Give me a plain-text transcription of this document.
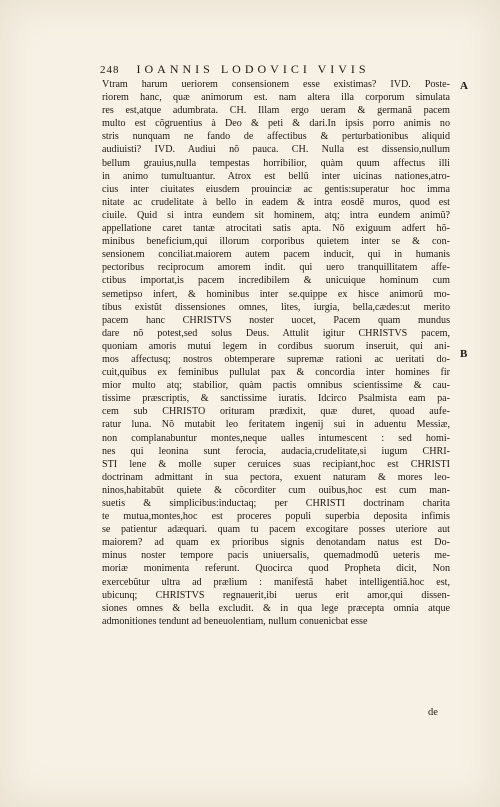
248 IOANNIS LODOVICI VIVIS
A
B
Vtram harum ueriorem consensionem esse existimas? IVD. Poste-
riorem hanc, quæ animorum est. nam altera illa corporum simulata
res est,atque adumbrata. CH. Illam ergo ueram & germanã pacem
multo est cõgruentius à Deo & peti & dari.In ipsis porro animis no
stris nunquam ne fando de affectibus & perturbationibus aliquid
audiuisti? IVD. Audiui nõ pauca. CH. Nulla est dissensio,nullum
bellum grauius,nulla tempestas horribilior, quàm quum affectus illi
in animo tumultuantur. Atrox est bellũ inter uicinas nationes,atro-
cius inter ciuitates eiusdem prouinciæ ac gentis:superatur hoc imma
nitate ac crudelitate à bello in eadem & intra eosdẽ muros, quod est
ciuile. Quid si intra eundem sit hominem, atq; intra eundem animũ?
appellatione caret tantæ atrocitati satis apta. Nõ exiguum adfert hõ-
minibus beneficium,qui illorum corporibus quietem inter se & con-
sensionem conciliat.maiorem autem pacem inducit, qui in humanis
pectoribus reciprocum amorem indit. qui uero tranquillitatem affe-
ctibus importat,is pacem incredibilem & unicuique hominum cum
semetipso infert, & hominibus inter se.quippe ex hisce animorũ mo-
tibus existũt dissensiones omnes, lites, iurgia, bella,cædes:ut merito
pacem hanc CHRISTVS noster uocet, Pacem quam mundus
dare nõ potest,sed solus Deus. Attulit igitur CHRISTVS pacem,
quoniam amoris mutui legem in cordibus suorum inseruit, qui ani-
mos affectusq; nostros obtemperare supremæ rationi ac ueritati do-
cuit,quibus ex feminibus pullulat pax & concordia inter homines fir
mior multo atq; stabilior, quàm pactis omnibus scientissime & cau-
tissime præscriptis, & sanctissime iuratis. Idcirco Psalmista eam pa-
cem sub CHRISTO orituram prædixit, quæ duret, quoad aufe-
ratur luna. Nõ mutabit leo feritatem ingenij sui in aduentu Messiæ,
non complanabuntur montes,neque ualles intumescent : sed homi-
nes qui leonina sunt ferocia, audacia,crudelitate,si iugum CHRI-
STI lene & molle super ceruices suas recipiant,hoc est CHRISTI
doctrinam admittant in sua pectora, exuent naturam & mores leo-
ninos,habitabũt quiete & cõcorditer cum ouibus,hoc est cum man-
suetis & simplicibus:inductaq; per CHRISTI doctrinam charita
te mutua,montes,hoc est proceres populi superbia deposita infimis
se patientur adæquari. quam tu pacem excogitare posses uteriore aut
maiorem? ad quam ex prioribus signis denotandam natus est Do-
minus noster tempore pacis uniuersalis, quemadmodũ ueteris me-
moriæ monimenta referunt. Quocirca quod Propheta dicit, Non
exercebũtur ultra ad prælium : manifestã habet intelligentiã.hoc est,
ubicunq; CHRISTVS regnauerit,ibi uerus erit amor,qui dissen-
siones omnes & bella excludit. & in qua lege præcepta omnia atque
admonitiones tendunt ad beneuolentiam, nullum conuenicbat esse
de
